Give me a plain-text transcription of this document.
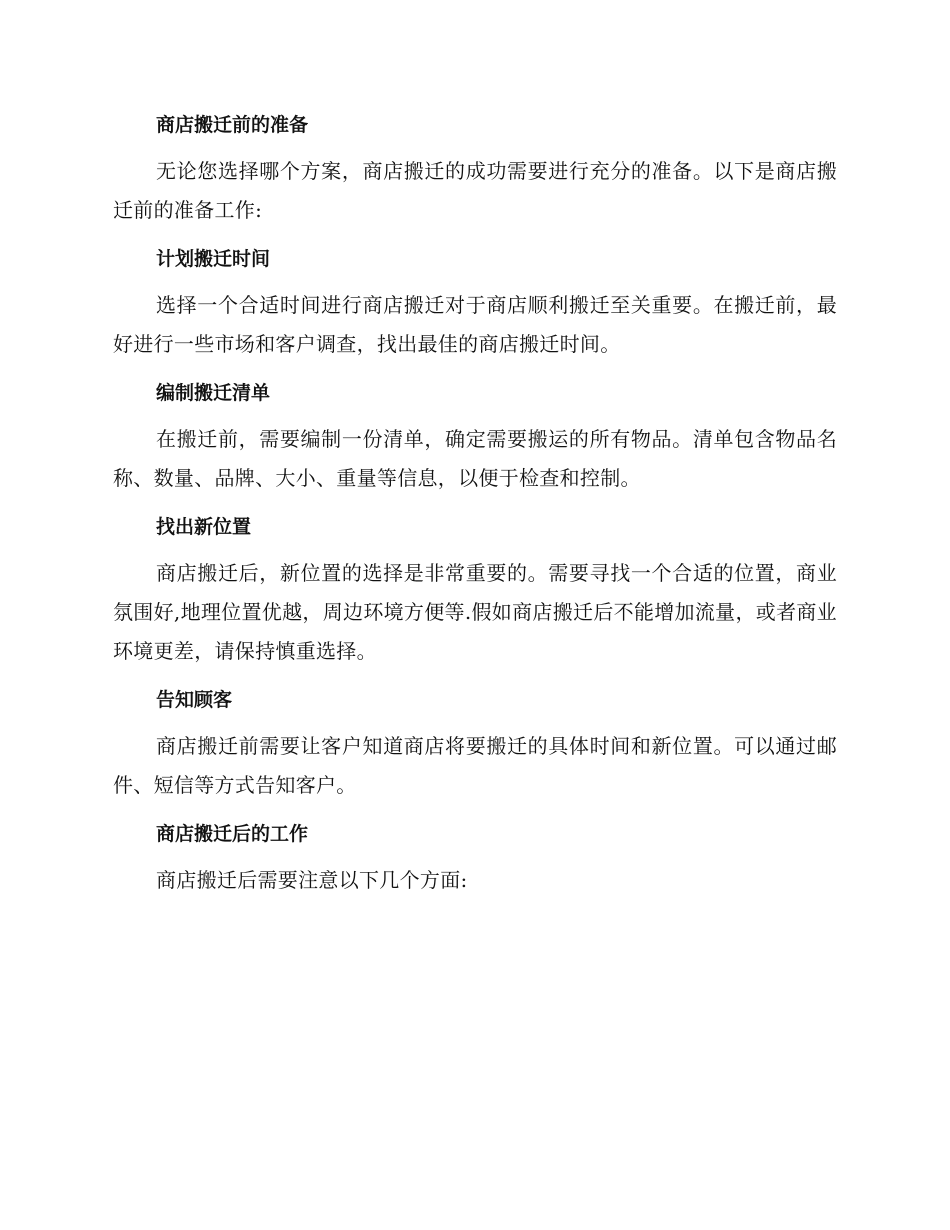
商店搬迁前的准备

无论您选择哪个方案，商店搬迁的成功需要进行充分的准备。以下是商店搬迁前的准备工作:

计划搬迁时间

选择一个合适时间进行商店搬迁对于商店顺利搬迁至关重要。在搬迁前，最好进行一些市场和客户调查，找出最佳的商店搬迁时间。

编制搬迁清单

在搬迁前，需要编制一份清单，确定需要搬运的所有物品。清单包含物品名称、数量、品牌、大小、重量等信息，以便于检查和控制。

找出新位置

商店搬迁后，新位置的选择是非常重要的。需要寻找一个合适的位置，商业氛围好,地理位置优越，周边环境方便等.假如商店搬迁后不能增加流量，或者商业环境更差，请保持慎重选择。

告知顾客

商店搬迁前需要让客户知道商店将要搬迁的具体时间和新位置。可以通过邮件、短信等方式告知客户。

商店搬迁后的工作

商店搬迁后需要注意以下几个方面:
